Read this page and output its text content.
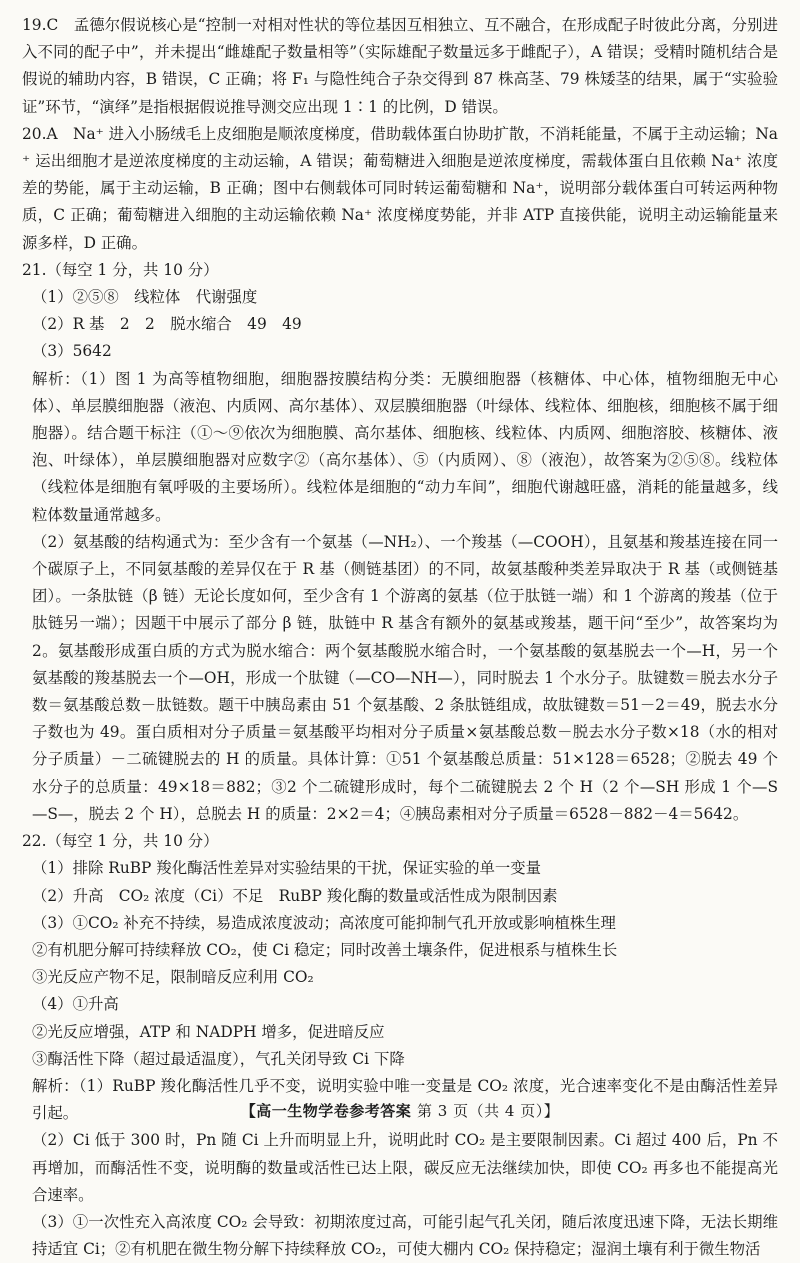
19.C　孟德尔假说核心是“控制一对相对性状的等位基因互相独立、互不融合，在形成配子时彼此分离，分别进入不同的配子中”，并未提出“雌雄配子数量相等”（实际雄配子数量远多于雌配子），A 错误；受精时随机结合是假说的辅助内容，B 错误，C 正确；将 F₁ 与隐性纯合子杂交得到 87 株高茎、79 株矮茎的结果，属于“实验验证”环节，“演绎”是指根据假说推导测交应出现 1∶1 的比例，D 错误。

20.A　Na⁺ 进入小肠绒毛上皮细胞是顺浓度梯度，借助载体蛋白协助扩散，不消耗能量，不属于主动运输；Na⁺ 运出细胞才是逆浓度梯度的主动运输，A 错误；葡萄糖进入细胞是逆浓度梯度，需载体蛋白且依赖 Na⁺ 浓度差的势能，属于主动运输，B 正确；图中右侧载体可同时转运葡萄糖和 Na⁺，说明部分载体蛋白可转运两种物质，C 正确；葡萄糖进入细胞的主动运输依赖 Na⁺ 浓度梯度势能，并非 ATP 直接供能，说明主动运输能量来源多样，D 正确。

21.（每空 1 分，共 10 分）

（1）②⑤⑧　线粒体　代谢强度

（2）R 基　2　2　脱水缩合　49　49

（3）5642

解析：（1）图 1 为高等植物细胞，细胞器按膜结构分类：无膜细胞器（核糖体、中心体，植物细胞无中心体）、单层膜细胞器（液泡、内质网、高尔基体）、双层膜细胞器（叶绿体、线粒体、细胞核，细胞核不属于细胞器）。结合题干标注（①～⑨依次为细胞膜、高尔基体、细胞核、线粒体、内质网、细胞溶胶、核糖体、液泡、叶绿体），单层膜细胞器对应数字②（高尔基体）、⑤（内质网）、⑧（液泡），故答案为②⑤⑧。线粒体（线粒体是细胞有氧呼吸的主要场所）。线粒体是细胞的“动力车间”，细胞代谢越旺盛，消耗的能量越多，线粒体数量通常越多。

（2）氨基酸的结构通式为：至少含有一个氨基（—NH₂）、一个羧基（—COOH），且氨基和羧基连接在同一个碳原子上，不同氨基酸的差异仅在于 R 基（侧链基团）的不同，故氨基酸种类差异取决于 R 基（或侧链基团）。一条肽链（β 链）无论长度如何，至少含有 1 个游离的氨基（位于肽链一端）和 1 个游离的羧基（位于肽链另一端）；因题干中展示了部分 β 链，肽链中 R 基含有额外的氨基或羧基，题干问“至少”，故答案均为 2。氨基酸形成蛋白质的方式为脱水缩合：两个氨基酸脱水缩合时，一个氨基酸的氨基脱去一个—H，另一个氨基酸的羧基脱去一个—OH，形成一个肽键（—CO—NH—），同时脱去 1 个水分子。肽键数＝脱去水分子数＝氨基酸总数－肽链数。题干中胰岛素由 51 个氨基酸、2 条肽链组成，故肽键数＝51－2＝49，脱去水分子数也为 49。蛋白质相对分子质量＝氨基酸平均相对分子质量×氨基酸总数－脱去水分子数×18（水的相对分子质量）－二硫键脱去的 H 的质量。具体计算：①51 个氨基酸总质量：51×128＝6528；②脱去 49 个水分子的总质量：49×18＝882；③2 个二硫键形成时，每个二硫键脱去 2 个 H（2 个—SH 形成 1 个—S—S—，脱去 2 个 H），总脱去 H 的质量：2×2＝4；④胰岛素相对分子质量＝6528－882－4＝5642。

22.（每空 1 分，共 10 分）

（1）排除 RuBP 羧化酶活性差异对实验结果的干扰，保证实验的单一变量

（2）升高　CO₂ 浓度（Ci）不足　RuBP 羧化酶的数量或活性成为限制因素

（3）①CO₂ 补充不持续，易造成浓度波动；高浓度可能抑制气孔开放或影响植株生理

②有机肥分解可持续释放 CO₂，使 Ci 稳定；同时改善土壤条件，促进根系与植株生长

③光反应产物不足，限制暗反应利用 CO₂

（4）①升高

②光反应增强，ATP 和 NADPH 增多，促进暗反应

③酶活性下降（超过最适温度），气孔关闭导致 Ci 下降

解析：（1）RuBP 羧化酶活性几乎不变，说明实验中唯一变量是 CO₂ 浓度，光合速率变化不是由酶活性差异引起。

（2）Ci 低于 300 时，Pn 随 Ci 上升而明显上升，说明此时 CO₂ 是主要限制因素。Ci 超过 400 后，Pn 不再增加，而酶活性不变，说明酶的数量或活性已达上限，碳反应无法继续加快，即使 CO₂ 再多也不能提高光合速率。

（3）①一次性充入高浓度 CO₂ 会导致：初期浓度过高，可能引起气孔关闭，随后浓度迅速下降，无法长期维持适宜 Ci；②有机肥在微生物分解下持续释放 CO₂，可使大棚内 CO₂ 保持稳定；湿润土壤有利于微生物活

【高一生物学卷参考答案 第 3 页（共 4 页）】
